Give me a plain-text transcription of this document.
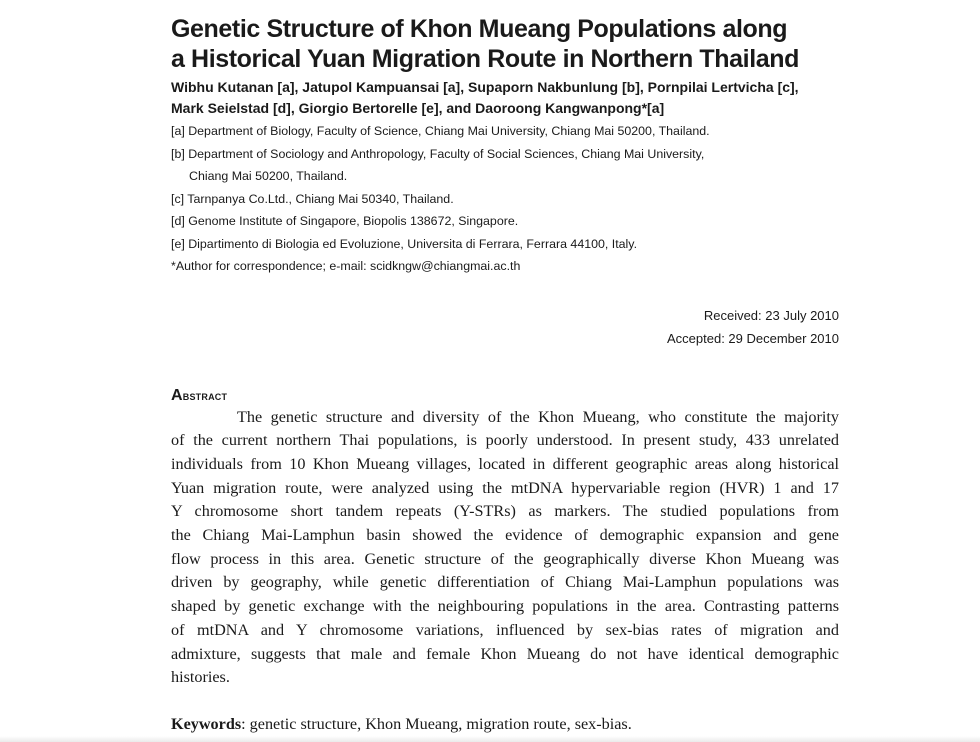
Genetic Structure of Khon Mueang Populations along
a Historical Yuan Migration Route in Northern Thailand
Wibhu Kutanan [a], Jatupol Kampuansai [a], Supaporn Nakbunlung [b], Pornpilai Lertvicha [c],
Mark Seielstad [d], Giorgio Bertorelle [e], and Daoroong Kangwanpong*[a]
[a] Department of Biology, Faculty of Science, Chiang Mai University, Chiang Mai 50200, Thailand.
[b] Department of Sociology and Anthropology, Faculty of Social Sciences, Chiang Mai University,
Chiang Mai 50200, Thailand.
[c] Tarnpanya Co.Ltd., Chiang Mai 50340, Thailand.
[d] Genome Institute of Singapore, Biopolis 138672, Singapore.
[e] Dipartimento di Biologia ed Evoluzione, Universita di Ferrara, Ferrara 44100, Italy.
*Author for correspondence; e-mail: scidkngw@chiangmai.ac.th
Received: 23 July 2010
Accepted: 29 December 2010
Abstract
The genetic structure and diversity of the Khon Mueang, who constitute the majority
of the current northern Thai populations, is poorly understood. In present study, 433 unrelated
individuals from 10 Khon Mueang villages, located in different geographic areas along historical
Yuan migration route, were analyzed using the mtDNA hypervariable region (HVR) 1 and 17
Y chromosome short tandem repeats (Y-STRs) as markers. The studied populations from
the Chiang Mai-Lamphun basin showed the evidence of demographic expansion and gene
flow process in this area. Genetic structure of the geographically diverse Khon Mueang was
driven by geography, while genetic differentiation of Chiang Mai-Lamphun populations was
shaped by genetic exchange with the neighbouring populations in the area. Contrasting patterns
of mtDNA and Y chromosome variations, influenced by sex-bias rates of migration and
admixture, suggests that male and female Khon Mueang do not have identical demographic
histories.
Keywords: genetic structure, Khon Mueang, migration route, sex-bias.
